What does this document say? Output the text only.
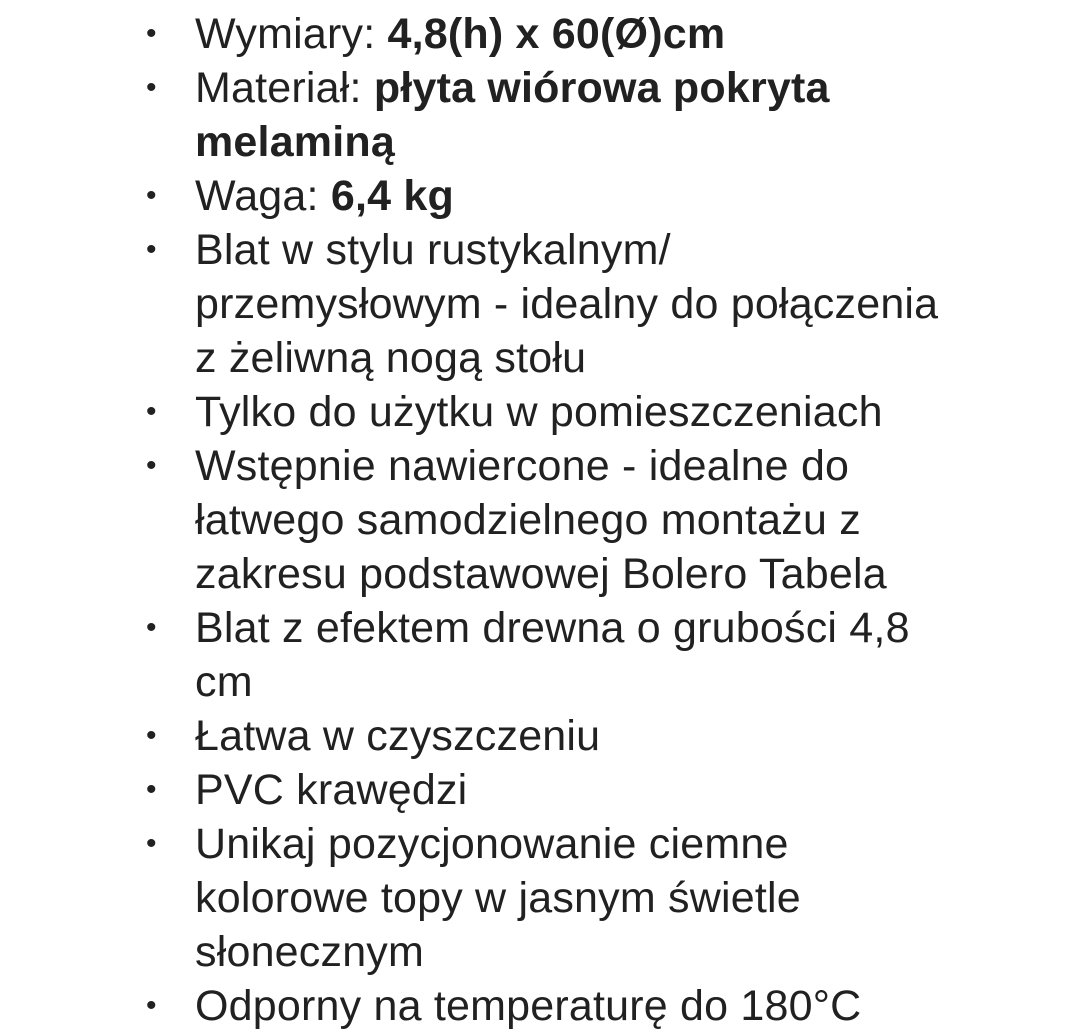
• Wymiary: 4,8(h) x 60(Ø)cm
• Materiał: płyta wiórowa pokryta melaminą
• Waga: 6,4 kg
• Blat w stylu rustykalnym/ przemysłowym - idealny do połączenia z żeliwną nogą stołu
• Tylko do użytku w pomieszczeniach
• Wstępnie nawiercone - idealne do łatwego samodzielnego montażu z zakresu podstawowej Bolero Tabela
• Blat z efektem drewna o grubości 4,8 cm
• Łatwa w czyszczeniu
• PVC krawędzi
• Unikaj pozycjonowanie ciemne kolorowe topy w jasnym świetle słonecznym
• Odporny na temperaturę do 180°C
